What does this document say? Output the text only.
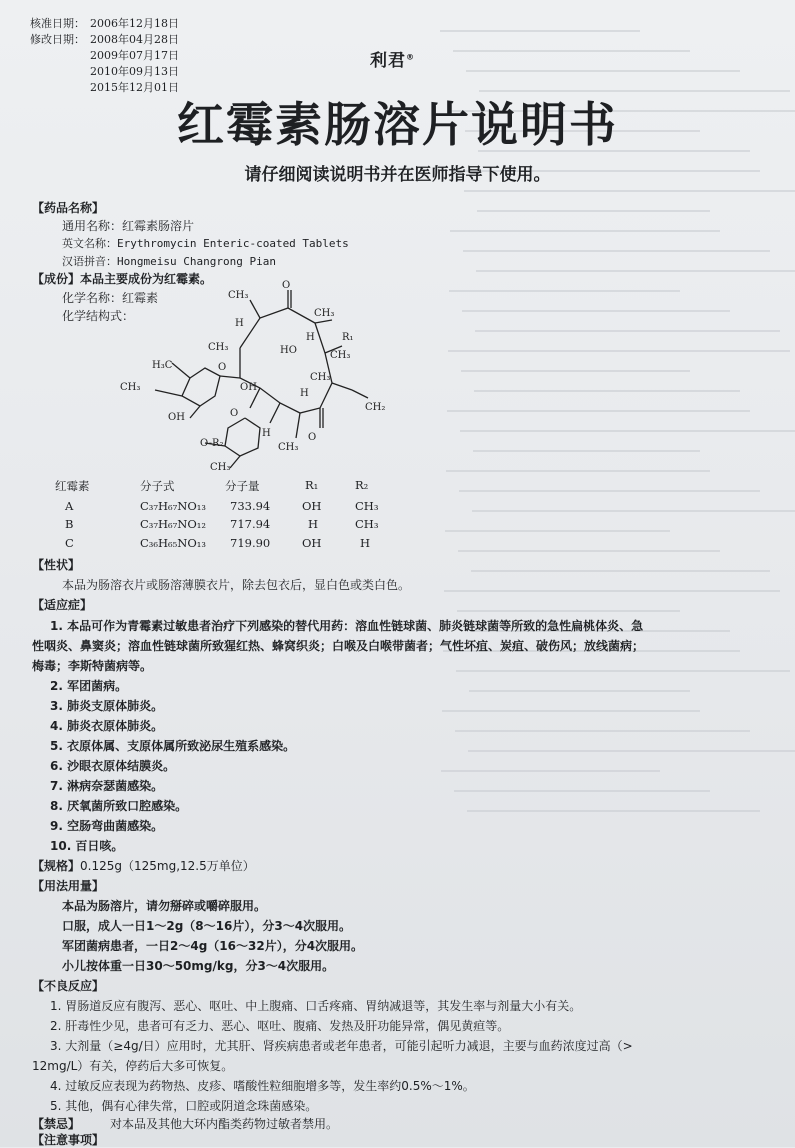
核准日期： 2006年12月18日
修改日期： 2008年04月28日
2009年07月17日
2010年09月13日
2015年12月01日
利君®
红霉素肠溶片说明书
请仔细阅读说明书并在医师指导下使用。
【药品名称】
通用名称：红霉素肠溶片
英文名称：Erythromycin Enteric-coated Tablets
汉语拼音：Hongmeisu Changrong Pian
【成份】本品主要成份为红霉素。
化学名称：红霉素
化学结构式：
O
CH₃
CH₃
H
H	R₁
HO	CH₃
CH₃
CH₃
H₃C	O
CH₃	OH
H
CH₂
OH	O
O
H
O-R₂	CH₃
CH₃
红霉素	分子式	分子量	R₁	R₂
A	C₃₇H₆₇NO₁₃ 733.94	OH	CH₃
B	C₃₇H₆₇NO₁₂ 717.94	H	CH₃
C	C₃₆H₆₅NO₁₃ 719.90	OH	H
【性状】
本品为肠溶衣片或肠溶薄膜衣片，除去包衣后，显白色或类白色。
【适应症】
1. 本品可作为青霉素过敏患者治疗下列感染的替代用药：溶血性链球菌、肺炎链球菌等所致的急性扁桃体炎、急
性咽炎、鼻窦炎；溶血性链球菌所致猩红热、蜂窝织炎；白喉及白喉带菌者；气性坏疽、炭疽、破伤风；放线菌病；
梅毒；李斯特菌病等。
2. 军团菌病。
3. 肺炎支原体肺炎。
4. 肺炎衣原体肺炎。
5. 衣原体属、支原体属所致泌尿生殖系感染。
6. 沙眼衣原体结膜炎。
7. 淋病奈瑟菌感染。
8. 厌氧菌所致口腔感染。
9. 空肠弯曲菌感染。
10. 百日咳。
【规格】0.125g（125mg,12.5万单位）
【用法用量】
本品为肠溶片，请勿掰碎或嚼碎服用。
口服，成人一日1～2g（8～16片），分3～4次服用。
军团菌病患者，一日2～4g（16～32片），分4次服用。
小儿按体重一日30～50mg/kg，分3～4次服用。
【不良反应】
1. 胃肠道反应有腹泻、恶心、呕吐、中上腹痛、口舌疼痛、胃纳减退等，其发生率与剂量大小有关。
2. 肝毒性少见，患者可有乏力、恶心、呕吐、腹痛、发热及肝功能异常，偶见黄疸等。
3. 大剂量（≥4g/日）应用时，尤其肝、肾疾病患者或老年患者，可能引起听力减退，主要与血药浓度过高（>
12mg/L）有关，停药后大多可恢复。
4. 过敏反应表现为药物热、皮疹、嗜酸性粒细胞增多等，发生率约0.5%～1%。
5. 其他，偶有心律失常，口腔或阴道念珠菌感染。
【禁忌】
【注意事项】
对本品及其他大环内酯类药物过敏者禁用。
